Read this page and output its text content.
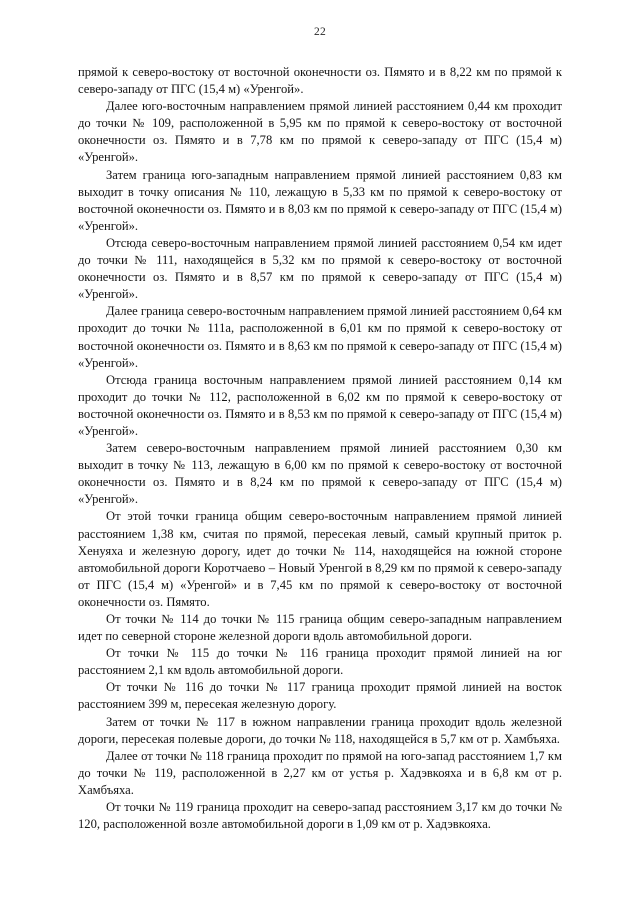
22

прямой к северо-востоку от восточной оконечности оз. Пямято и в 8,22 км по прямой к северо-западу от ПГС (15,4 м) «Уренгой».

Далее юго-восточным направлением прямой линией расстоянием 0,44 км проходит до точки № 109, расположенной в 5,95 км по прямой к северо-востоку от восточной оконечности оз. Пямято и в 7,78 км по прямой к северо-западу от ПГС (15,4 м) «Уренгой».

Затем граница юго-западным направлением прямой линией расстоянием 0,83 км выходит в точку описания № 110, лежащую в 5,33 км по прямой к северо-востоку от восточной оконечности оз. Пямято и в 8,03 км по прямой к северо-западу от ПГС (15,4 м) «Уренгой».

Отсюда северо-восточным направлением прямой линией расстоянием 0,54 км идет до точки № 111, находящейся в 5,32 км по прямой к северо-востоку от восточной оконечности оз. Пямято и в 8,57 км по прямой к северо-западу от ПГС (15,4 м) «Уренгой».

Далее граница северо-восточным направлением прямой линией расстоянием 0,64 км проходит до точки № 111а, расположенной в 6,01 км по прямой к северо-востоку от восточной оконечности оз. Пямято и в 8,63 км по прямой к северо-западу от ПГС (15,4 м) «Уренгой».

Отсюда граница восточным направлением прямой линией расстоянием 0,14 км проходит до точки № 112, расположенной в 6,02 км по прямой к северо-востоку от восточной оконечности оз. Пямято и в 8,53 км по прямой к северо-западу от ПГС (15,4 м) «Уренгой».

Затем северо-восточным направлением прямой линией расстоянием 0,30 км выходит в точку № 113, лежащую в 6,00 км по прямой к северо-востоку от восточной оконечности оз. Пямято и в 8,24 км по прямой к северо-западу от ПГС (15,4 м) «Уренгой».

От этой точки граница общим северо-восточным направлением прямой линией расстоянием 1,38 км, считая по прямой, пересекая левый, самый крупный приток р. Хенуяха и железную дорогу, идет до точки № 114, находящейся на южной стороне автомобильной дороги Коротчаево – Новый Уренгой в 8,29 км по прямой к северо-западу от ПГС (15,4 м) «Уренгой» и в 7,45 км по прямой к северо-востоку от восточной оконечности оз. Пямято.

От точки № 114 до точки № 115 граница общим северо-западным направлением идет по северной стороне железной дороги вдоль автомобильной дороги.

От точки № 115 до точки № 116 граница проходит прямой линией на юг расстоянием 2,1 км вдоль автомобильной дороги.

От точки № 116 до точки № 117 граница проходит прямой линией на восток расстоянием 399 м, пересекая железную дорогу.

Затем от точки № 117 в южном направлении граница проходит вдоль железной дороги, пересекая полевые дороги, до точки № 118, находящейся в 5,7 км от р. Хамбъяха.

Далее от точки № 118 граница проходит по прямой на юго-запад расстоянием 1,7 км до точки № 119, расположенной в 2,27 км от устья р. Хадэвкояха и в 6,8 км от р. Хамбъяха.

От точки № 119 граница проходит на северо-запад расстоянием 3,17 км до точки № 120, расположенной возле автомобильной дороги в 1,09 км от р. Хадэвкояха.
